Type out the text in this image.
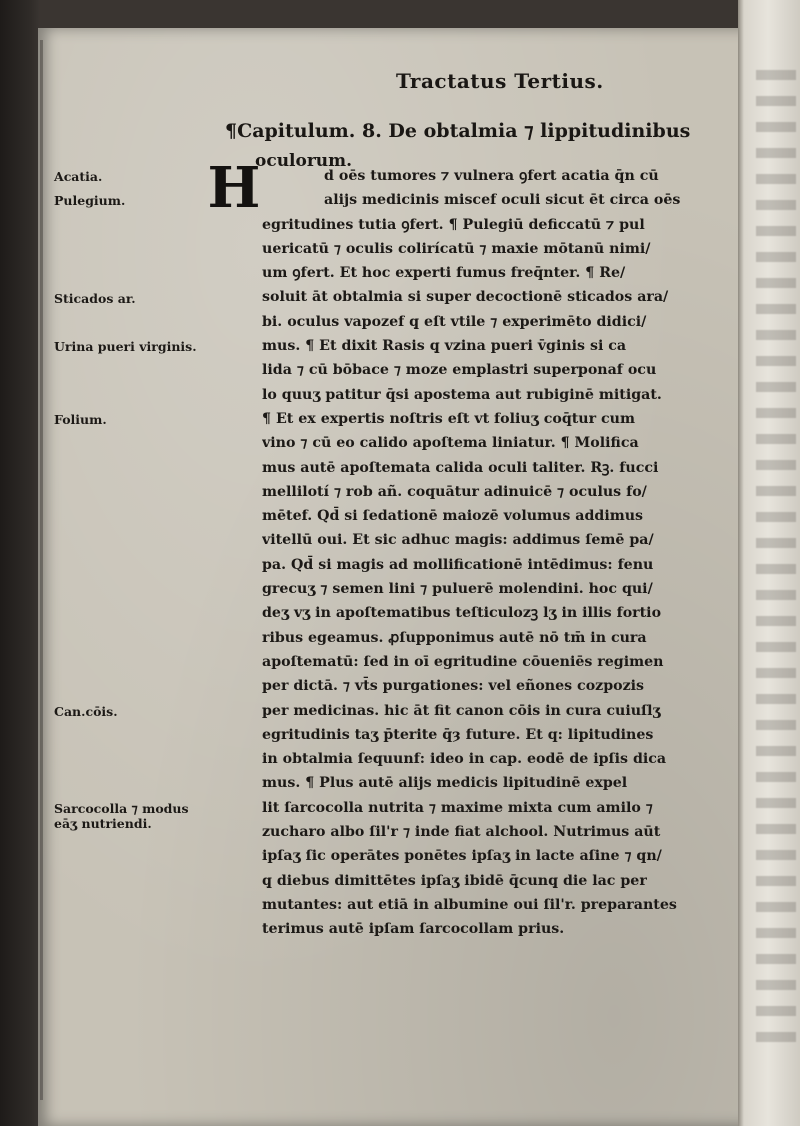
Tractatus Tertius.
¶Capitulum. 8. De obtalmia ⁊ lippitudinibus
oculorum.
H
Acatia.
Pulegium.
Sticados ar.
Urina pueri virginis.
Folium.
Can.cōis.
Sarcocolla ⁊ modus eāʒ nutriendi.
d oēs tumores ⁊ vulnera ꝯfert acatia q̄n cū
alijs medicinis miscef oculi sicut ēt circa oēs
egritudines tutia ꝯfert. ¶ Pulegiū deficcatū ⁊ pul
uericatū ⁊ oculis colirícatū ⁊ maxie mōtanū nimi/
um ꝯfert. Et hoc experti fumus freq̄nter. ¶ Re/
soluit āt obtalmia si super decoctionē sticados ara/
bi. oculus vapozef q̧ eſt vtile ⁊ experimēto didici/
mus. ¶ Et dixit Rasis q̧ vzina pueri v̄ginis si ca
lida ⁊ cū bōbace ⁊ moze emplastri superponaf ocu
lo quuʒ patitur q̄si apostema aut rubiginē mitigat.
¶ Et ex expertis noſtris eſt vt foliuʒ coq̄tur cum
vino ⁊ cū eo calido apoſtema liniatur. ¶ Molifica
mus autē apoſtemata calida oculi taliter. Rꝫ. fucci
mellilotí ⁊ rob añ. coquātur adinuicē ⁊ oculus fo/
mētef. Qd̄ si ſedationē maiozē volumus addimus
vitellū oui. Et sic adhuc magis: addimus ſemē pa/
pa. Qd̄ si magis ad mollificationē intēdimus: fenu
grecuʒ ⁊ semen lini ⁊ puluerē molendini. hoc qui/
deʒ vʒ in apoſtematibus teſticulozꝫ lʒ in illis fortio
ribus egeamus. ꝓſupponimus autē nō tm̄ in cura
apoſtematū: ſed in oī egritudine cōueniēs regimen
per dictā. ⁊ vt̄s purgationes: vel eñones cozpozis
per medicinas. hic āt fit canon cōis in cura cuiuſlʒ
egritudinis taʒ p̄terite q̄ȝ future. Et q: lipitudines
in obtalmia ſequunf: ideo in cap. eodē de ipſis dica
mus. ¶ Plus autē alijs medicis lipitudinē expel
lit ſarcocolla nutrita ⁊ maxime mixta cum amilo ⁊
zucharo albo ſil'r ⁊ inde fiat alchool. Nutrimus aūt
ipſaʒ ſic operātes ponētes ipſaʒ in lacte aſine ⁊ qn/
q̧ diebus dimittētes ipſaʒ ibidē q̄cunq̧ die lac per
mutantes: aut etiā in albumine oui ſil'r. preparantes
terimus autē ipſam ſarcocollam prius.
